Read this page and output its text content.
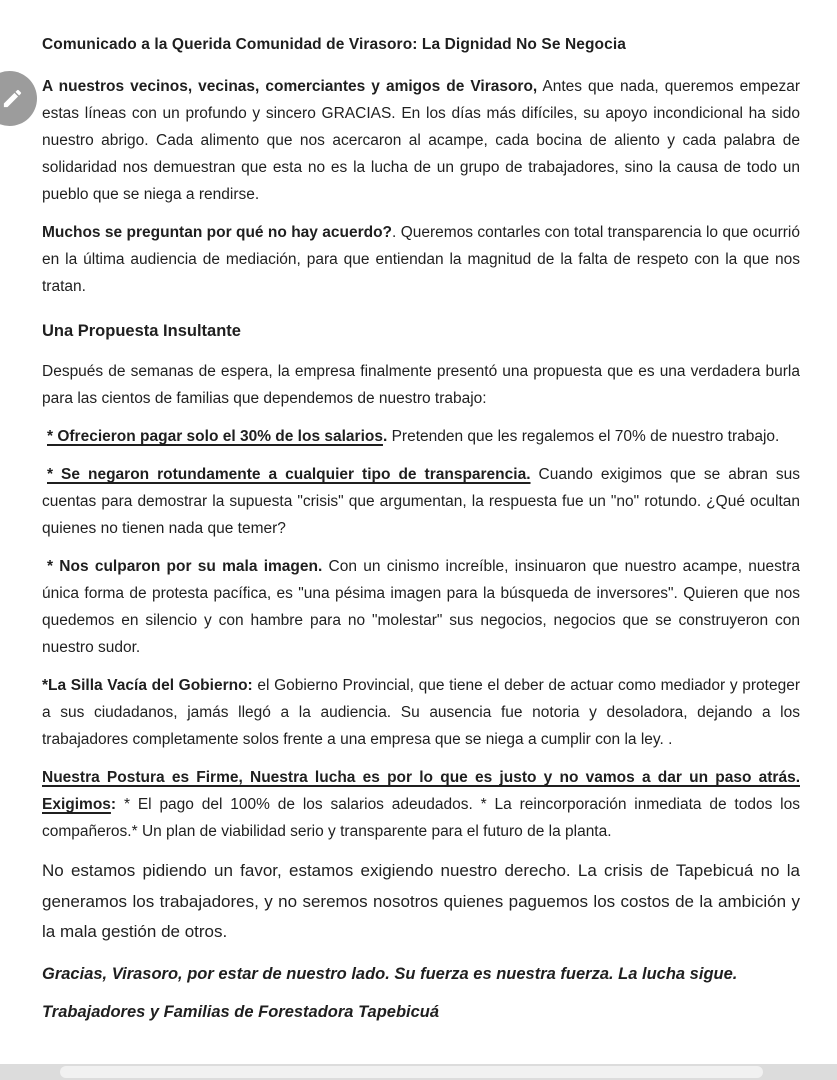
Comunicado a la Querida Comunidad de Virasoro: La Dignidad No Se Negocia

A nuestros vecinos, vecinas, comerciantes y amigos de Virasoro, Antes que nada, queremos empezar estas líneas con un profundo y sincero GRACIAS. En los días más difíciles, su apoyo incondicional ha sido nuestro abrigo. Cada alimento que nos acercaron al acampe, cada bocina de aliento y cada palabra de solidaridad nos demuestran que esta no es la lucha de un grupo de trabajadores, sino la causa de todo un pueblo que se niega a rendirse.

Muchos se preguntan por qué no hay acuerdo?. Queremos contarles con total transparencia lo que ocurrió en la última audiencia de mediación, para que entiendan la magnitud de la falta de respeto con la que nos tratan.

Una Propuesta Insultante

Después de semanas de espera, la empresa finalmente presentó una propuesta que es una verdadera burla para las cientos de familias que dependemos de nuestro trabajo:

* Ofrecieron pagar solo el 30% de los salarios. Pretenden que les regalemos el 70% de nuestro trabajo.

* Se negaron rotundamente a cualquier tipo de transparencia. Cuando exigimos que se abran sus cuentas para demostrar la supuesta "crisis" que argumentan, la respuesta fue un "no" rotundo. ¿Qué ocultan quienes no tienen nada que temer?

* Nos culparon por su mala imagen. Con un cinismo increíble, insinuaron que nuestro acampe, nuestra única forma de protesta pacífica, es "una pésima imagen para la búsqueda de inversores". Quieren que nos quedemos en silencio y con hambre para no "molestar" sus negocios, negocios que se construyeron con nuestro sudor.

*La Silla Vacía del Gobierno: el Gobierno Provincial, que tiene el deber de actuar como mediador y proteger a sus ciudadanos, jamás llegó a la audiencia. Su ausencia fue notoria y desoladora, dejando a los trabajadores completamente solos frente a una empresa que se niega a cumplir con la ley. .

Nuestra Postura es Firme, Nuestra lucha es por lo que es justo y no vamos a dar un paso atrás. Exigimos: * El pago del 100% de los salarios adeudados. * La reincorporación inmediata de todos los compañeros.* Un plan de viabilidad serio y transparente para el futuro de la planta.

No estamos pidiendo un favor, estamos exigiendo nuestro derecho. La crisis de Tapebicuá no la generamos los trabajadores, y no seremos nosotros quienes paguemos los costos de la ambición y la mala gestión de otros.

Gracias, Virasoro, por estar de nuestro lado. Su fuerza es nuestra fuerza. La lucha sigue.

Trabajadores y Familias de Forestadora Tapebicuá
